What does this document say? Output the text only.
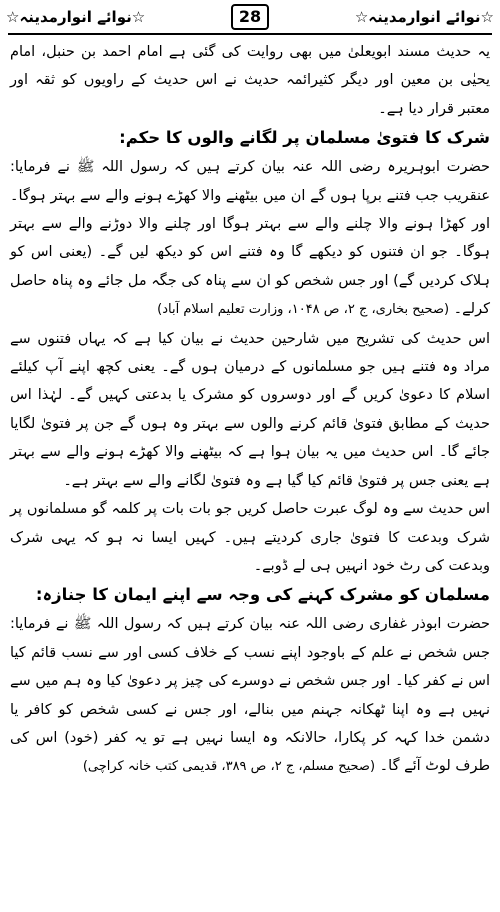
☆نوائے انوارمدینہ☆
28
☆نوائے انوارمدینہ☆

یہ حدیث مسند ابویعلیٰ میں بھی روایت کی گئی ہے امام احمد بن حنبل، امام یحیٰی بن معین اور دیگر کثیرائمہ حدیث نے اس حدیث کے راویوں کو ثقہ اور معتبر قرار دیا ہے۔

شرک کا فتویٰ مسلمان پر لگانے والوں کا حکم:

حضرت ابوہریرہ رضی اللہ عنہ بیان کرتے ہیں کہ رسول اللہ ﷺ نے فرمایا: عنقریب جب فتنے برپا ہوں گے ان میں بیٹھنے والا کھڑے ہونے والے سے بہتر ہوگا۔ اور کھڑا ہونے والا چلنے والے سے بہتر ہوگا اور چلنے والا دوڑنے والے سے بہتر ہوگا۔ جو ان فتنوں کو دیکھے گا وہ فتنے اس کو دیکھ لیں گے۔ (یعنی اس کو ہلاک کردیں گے) اور جس شخص کو ان سے پناہ کی جگہ مل جائے وہ پناہ حاصل کرلے۔ (صحیح بخاری، ج ۲، ص ۱۰۴۸، وزارت تعلیم اسلام آباد)

اس حدیث کی تشریح میں شارحین حدیث نے بیان کیا ہے کہ یہاں فتنوں سے مراد وہ فتنے ہیں جو مسلمانوں کے درمیان ہوں گے۔ یعنی کچھ اپنے آپ کیلئے اسلام کا دعویٰ کریں گے اور دوسروں کو مشرک یا بدعتی کہیں گے۔ لہٰذا اس حدیث کے مطابق فتویٰ قائم کرنے والوں سے بہتر وہ ہوں گے جن پر فتویٰ لگایا جائے گا۔ اس حدیث میں یہ بیان ہوا ہے کہ بیٹھنے والا کھڑے ہونے والے سے بہتر ہے یعنی جس پر فتویٰ قائم کیا گیا ہے وہ فتویٰ لگانے والے سے بہتر ہے۔

اس حدیث سے وہ لوگ عبرت حاصل کریں جو بات بات پر کلمہ گو مسلمانوں پر شرک وبدعت کا فتویٰ جاری کردیتے ہیں۔ کہیں ایسا نہ ہو کہ یہی شرک وبدعت کی رٹ خود انہیں ہی لے ڈوبے۔

مسلمان کو مشرک کہنے کی وجہ سے اپنے ایمان کا جنازہ:

حضرت ابوذر غفاری رضی اللہ عنہ بیان کرتے ہیں کہ رسول اللہ ﷺ نے فرمایا: جس شخص نے علم کے باوجود اپنے نسب کے خلاف کسی اور سے نسب قائم کیا اس نے کفر کیا۔ اور جس شخص نے دوسرے کی چیز پر دعویٰ کیا وہ ہم میں سے نہیں ہے وہ اپنا ٹھکانہ جہنم میں بنالے، اور جس نے کسی شخص کو کافر یا دشمن خدا کہہ کر پکارا، حالانکہ وہ ایسا نہیں ہے تو یہ کفر (خود) اس کی طرف لوٹ آئے گا۔ (صحیح مسلم، ج ۲، ص ۳۸۹، قدیمی کتب خانہ کراچی)
